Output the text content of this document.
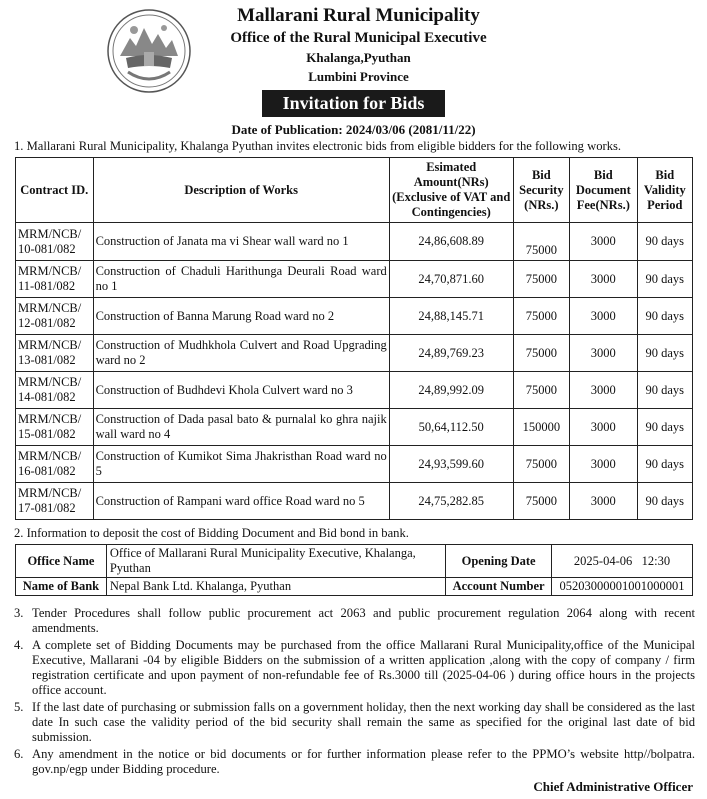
Mallarani Rural Municipality
Office of the Rural Municipal Executive
Khalanga,Pyuthan
Lumbini Province
Invitation for Bids
Date of Publication: 2024/03/06 (2081/11/22)
1. Mallarani Rural Municipality, Khalanga Pyuthan invites electronic bids from eligible bidders for the following works.
Contract ID.	Description of Works	Esimated Amount(NRs) (Exclusive of VAT and Contingencies)	Bid Security (NRs.)	Bid Document Fee(NRs.)	Bid Validity Period
MRM/NCB/ 10-081/082	Construction of Janata ma vi Shear wall ward no 1	24,86,608.89	75000	3000	90 days
MRM/NCB/ 11-081/082	Construction of Chaduli Harithunga Deurali Road ward no 1	24,70,871.60	75000	3000	90 days
MRM/NCB/ 12-081/082	Construction of Banna Marung Road ward no 2	24,88,145.71	75000	3000	90 days
MRM/NCB/ 13-081/082	Construction of Mudhkhola Culvert and Road Upgrading ward no 2	24,89,769.23	75000	3000	90 days
MRM/NCB/ 14-081/082	Construction of Budhdevi Khola Culvert ward no 3	24,89,992.09	75000	3000	90 days
MRM/NCB/ 15-081/082	Construction of Dada pasal bato & purnalal ko ghra najik wall ward no 4	50,64,112.50	150000	3000	90 days
MRM/NCB/ 16-081/082	Construction of Kumikot Sima Jhakristhan Road ward no 5	24,93,599.60	75000	3000	90 days
MRM/NCB/ 17-081/082	Construction of Rampani ward office Road ward no 5	24,75,282.85	75000	3000	90 days
2. Information to deposit the cost of Bidding Document and Bid bond in bank.
Office Name	Office of Mallarani Rural Municipality Executive, Khalanga, Pyuthan	Opening Date	2025-04-06   12:30
Name of Bank	Nepal Bank Ltd. Khalanga, Pyuthan	Account Number	05203000001001000001
3. Tender Procedures shall follow public procurement act 2063 and public procurement regulation 2064 along with recent amendments.
4. A complete set of Bidding Documents may be purchased from the office Mallarani Rural Municipality,office of the Municipal Executive, Mallarani -04 by eligible Bidders on the submission of a written application ,along with the copy of company / firm registration certificate and upon payment of non-refundable fee of Rs.3000 till (2025-04-06 ) during office hours in the projects office account.
5. If the last date of purchasing or submission falls on a government holiday, then the next working day shall be considered as the last date In such case the validity period of the bid security shall remain the same as specified for the original last date of bid submission.
6. Any amendment in the notice or bid documents or for further information please refer to the PPMO’s website http//bolpatra. gov.np/egp under Bidding procedure.
Chief Administrative Officer
